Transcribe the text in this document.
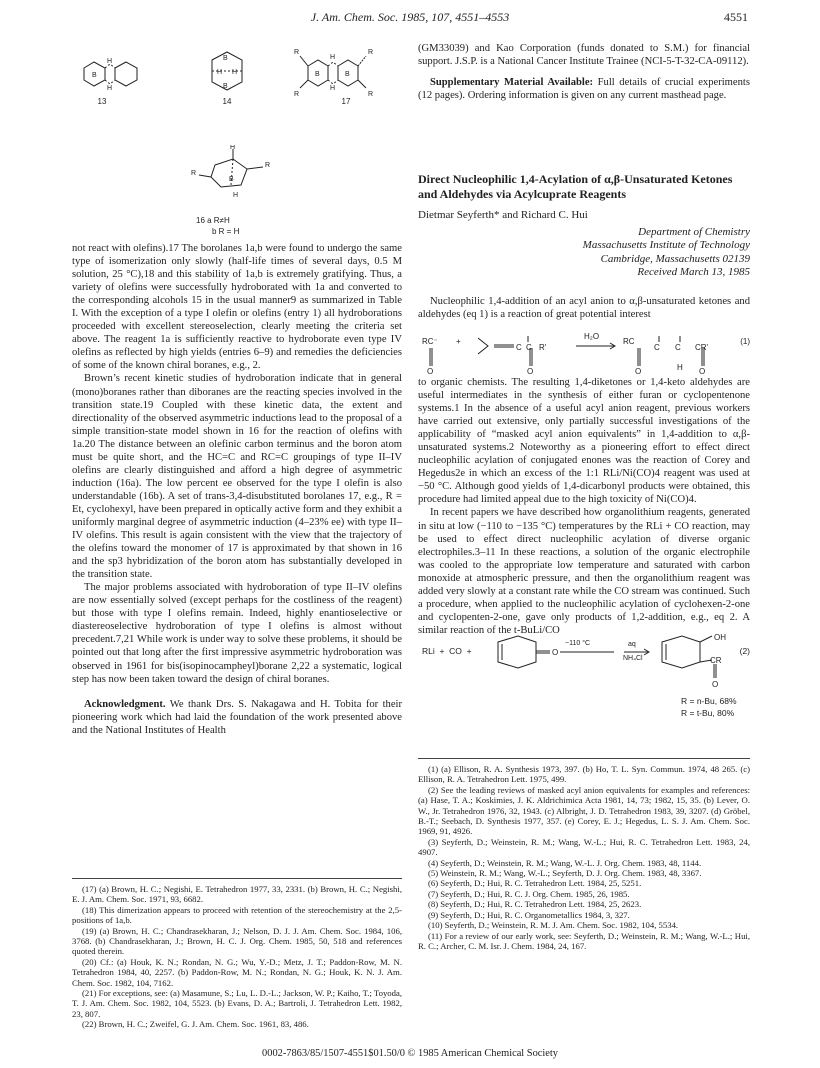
J. Am. Chem. Soc. 1985, 107, 4551–4553	4551
B
H
H
B
H H
B
B
H
H
B
R
R
R
R
13	14	17
H
R
R
B
H
16 a R≠H
b R = H

not react with olefins).17 The borolanes 1a,b were found to undergo the same type of isomerization only slowly (half-life times of several days, 0.5 M solution, 25 °C),18 and this stability of 1a,b is extremely gratifying. Thus, a variety of olefins were successfully hydroborated with 1a and converted to the corresponding alcohols 15 in the usual manner9 as summarized in Table I. With the exception of a type I olefin or olefins (entry 1) all hydroborations proceeded with excellent stereoselection, clearly meeting the criteria set above. The reagent 1a is sufficiently reactive to hydroborate even type IV olefins as reflected by high yields (entries 6–9) and remedies the deficiencies of some of the known chiral boranes, e.g., 2.

Brown’s recent kinetic studies of hydroboration indicate that in general (mono)boranes rather than diboranes are the reacting species involved in the transition state.19 Coupled with these kinetic data, the extent and directionality of the observed asymmetric inductions lead to the proposal of a simple transition-state model shown in 16 for the reaction of olefins with 1a.20 The distance between an olefinic carbon terminus and the boron atom must be quite short, and the HC=C and RC=C groupings of type II–IV olefins are clearly distinguished and afford a high degree of asymmetric induction (16a). The low percent ee observed for the type I olefin is also understandable (16b). A set of trans-3,4-disubstituted borolanes 17, e.g., R = Et, cyclohexyl, have been prepared in optically active form and they exhibit a uniformly marginal degree of asymmetric induction (4–23% ee) with type II–IV olefins. This result is again consistent with the view that the trajectory of the olefins toward the monomer of 17 is approximated by that shown in 16 and the sp3 hybridization of the boron atom has substantially developed in the transition state.

The major problems associated with hydroboration of type II–IV olefins are now essentially solved (except perhaps for the costliness of the reagent) but those with type I olefins remain. Indeed, highly enantioselective or diastereoselective hydroboration of type I olefins is almost without precedent.7,21 While work is under way to solve these problems, it should be pointed out that long after the first impressive asymmetric hydroboration was observed in 1961 for bis(isopinocampheyl)borane 2,22 a systematic, logical step has now been taken toward the design of chiral boranes.

Acknowledgment. We thank Drs. S. Nakagawa and H. Tobita for their pioneering work which had laid the foundation of the work presented above and the National Institutes of Health

(17) (a) Brown, H. C.; Negishi, E. Tetrahedron 1977, 33, 2331. (b) Brown, H. C.; Negishi, E. J. Am. Chem. Soc. 1971, 93, 6682.

(18) This dimerization appears to proceed with retention of the stereochemistry at the 2,5-positions of 1a,b.

(19) (a) Brown, H. C.; Chandrasekharan, J.; Nelson, D. J. J. Am. Chem. Soc. 1984, 106, 3768. (b) Chandrasekharan, J.; Brown, H. C. J. Org. Chem. 1985, 50, 518 and references quoted therein.

(20) Cf.: (a) Houk, K. N.; Rondan, N. G.; Wu, Y.-D.; Metz, J. T.; Paddon-Row, M. N. Tetrahedron 1984, 40, 2257. (b) Paddon-Row, M. N.; Rondan, N. G.; Houk, K. N. J. Am. Chem. Soc. 1982, 104, 7162.

(21) For exceptions, see: (a) Masamune, S.; Lu, L. D.-L.; Jackson, W. P.; Kaiho, T.; Toyoda, T. J. Am. Chem. Soc. 1982, 104, 5523. (b) Evans, D. A.; Bartroli, J. Tetrahedron Lett. 1982, 23, 807.

(22) Brown, H. C.; Zweifel, G. J. Am. Chem. Soc. 1961, 83, 486.

(GM33039) and Kao Corporation (funds donated to S.M.) for financial support. J.S.P. is a National Cancer Institute Trainee (NCI-5-T-32-CA-09112).

Supplementary Material Available: Full details of crucial experiments (12 pages). Ordering information is given on any current masthead page.

Direct Nucleophilic 1,4-Acylation of α,β-Unsaturated Ketones and Aldehydes via Acylcuprate Reagents
Dietmar Seyferth* and Richard C. Hui
Department of Chemistry
Massachusetts Institute of Technology
Cambridge, Massachusetts 02139
Received March 13, 1985

Nucleophilic 1,4-addition of an acyl anion to α,β-unsaturated ketones and aldehydes (eq 1) is a reaction of great potential interest

C C R'	C C CR'
O	O	O	H O
RC⁻ +
H₂O
RC	(1)

to organic chemists. The resulting 1,4-diketones or 1,4-keto aldehydes are useful intermediates in the synthesis of either furan or cyclopentenone systems.1 In the absence of a useful acyl anion reagent, previous workers have carried out extensive, only partially successful investigations of the applicability of “masked acyl anion equivalents” in 1,4-addition to α,β-unsaturated systems.2 Noteworthy as a pioneering effort to effect direct nucleophilic acylation of conjugated enones was the reaction of Corey and Hegedus2e in which an excess of the 1:1 RLi/Ni(CO)4 reagent was used at −50 °C. Although good yields of 1,4-dicarbonyl products were obtained, this procedure had limited appeal due to the high toxicity of Ni(CO)4.

In recent papers we have described how organolithium reagents, generated in situ at low (−110 to −135 °C) temperatures by the RLi + CO reaction, may be used to effect direct nucleophilic acylation of diverse organic electrophiles.3–11 In these reactions, a solution of the organic electrophile was cooled to the appropriate low temperature and saturated with carbon monoxide at atmospheric pressure, and then the organolithium reagent was added very slowly at a constant rate while the CO stream was continued. Such a procedure, when applied to the nucleophilic acylation of cyclohexen-2-one and cyclopenten-2-one, gave only products of 1,2-addition, e.g., eq 2. A similar reaction of the t-BuLi/CO

RLi  +  CO  +	O
OH
CR
O
−110 °C	aq
NH₄Cl
(2)
R = n-Bu, 68%
R = t-Bu, 80%

(1) (a) Ellison, R. A. Synthesis 1973, 397. (b) Ho, T. L. Syn. Commun. 1974, 48 265. (c) Ellison, R. A. Tetrahedron Lett. 1975, 499.

(2) See the leading reviews of masked acyl anion equivalents for examples and references: (a) Hase, T. A.; Koskimies, J. K. Aldrichimica Acta 1981, 14, 73; 1982, 15, 35. (b) Lever, O. W., Jr. Tetrahedron 1976, 32, 1943. (c) Albright, J. D. Tetrahedron 1983, 39, 3207. (d) Gröbel, B.-T.; Seebach, D. Synthesis 1977, 357. (e) Corey, E. J.; Hegedus, L. S. J. Am. Chem. Soc. 1969, 91, 4926.

(3) Seyferth, D.; Weinstein, R. M.; Wang, W.-L.; Hui, R. C. Tetrahedron Lett. 1983, 24, 4907.

(4) Seyferth, D.; Weinstein, R. M.; Wang, W.-L. J. Org. Chem. 1983, 48, 1144.

(5) Weinstein, R. M.; Wang, W.-L.; Seyferth, D. J. Org. Chem. 1983, 48, 3367.

(6) Seyferth, D.; Hui, R. C. Tetrahedron Lett. 1984, 25, 5251.

(7) Seyferth, D.; Hui, R. C. J. Org. Chem. 1985, 26, 1985.

(8) Seyferth, D.; Hui, R. C. Tetrahedron Lett. 1984, 25, 2623.

(9) Seyferth, D.; Hui, R. C. Organometallics 1984, 3, 327.

(10) Seyferth, D.; Weinstein, R. M. J. Am. Chem. Soc. 1982, 104, 5534.

(11) For a review of our early work, see: Seyferth, D.; Weinstein, R. M.; Wang, W.-L.; Hui, R. C.; Archer, C. M. Isr. J. Chem. 1984, 24, 167.

0002-7863/85/1507-4551$01.50/0 © 1985 American Chemical Society
